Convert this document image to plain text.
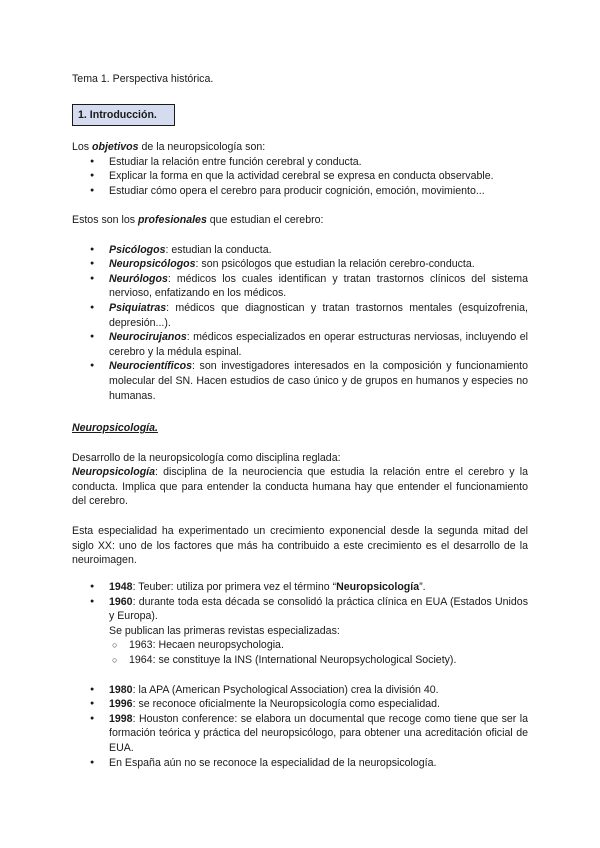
Tema 1. Perspectiva histórica.
1. Introducción.

Los objetivos de la neuropsicología son:

● Estudiar la relación entre función cerebral y conducta.
● Explicar la forma en que la actividad cerebral se expresa en conducta observable.
● Estudiar cómo opera el cerebro para producir cognición, emoción, movimiento...

Estos son los profesionales que estudian el cerebro:

● Psicólogos: estudian la conducta.
● Neuropsicólogos: son psicólogos que estudian la relación cerebro-conducta.
● Neurólogos: médicos los cuales identifican y tratan trastornos clínicos del sistema nervioso, enfatizando en los médicos.
● Psiquiatras: médicos que diagnostican y tratan trastornos mentales (esquizofrenia, depresión...).
● Neurocirujanos: médicos especializados en operar estructuras nerviosas, incluyendo el cerebro y la médula espinal.
● Neurocientíficos: son investigadores interesados en la composición y funcionamiento molecular del SN. Hacen estudios de caso único y de grupos en humanos y especies no humanas.

Neuropsicología.

Desarrollo de la neuropsicología como disciplina reglada:

Neuropsicología: disciplina de la neurociencia que estudia la relación entre el cerebro y la conducta. Implica que para entender la conducta humana hay que entender el funcionamiento del cerebro.

Esta especialidad ha experimentado un crecimiento exponencial desde la segunda mitad del siglo XX: uno de los factores que más ha contribuido a este crecimiento es el desarrollo de la neuroimagen.

● 1948: Teuber: utiliza por primera vez el término “Neuropsicología”.
● 1960: durante toda esta década se consolidó la práctica clínica en EUA (Estados Unidos y Europa).

Se publican las primeras revistas especializadas:

○ 1963: Hecaen neuropsychologia.
○ 1964: se constituye la INS (International Neuropsychological Society).
● 1980: la APA (American Psychological Association) crea la división 40.
● 1996: se reconoce oficialmente la Neuropsicología como especialidad.
● 1998: Houston conference: se elabora un documental que recoge como tiene que ser la formación teórica y práctica del neuropsicólogo, para obtener una acreditación oficial de EUA.
● En España aún no se reconoce la especialidad de la neuropsicología.
